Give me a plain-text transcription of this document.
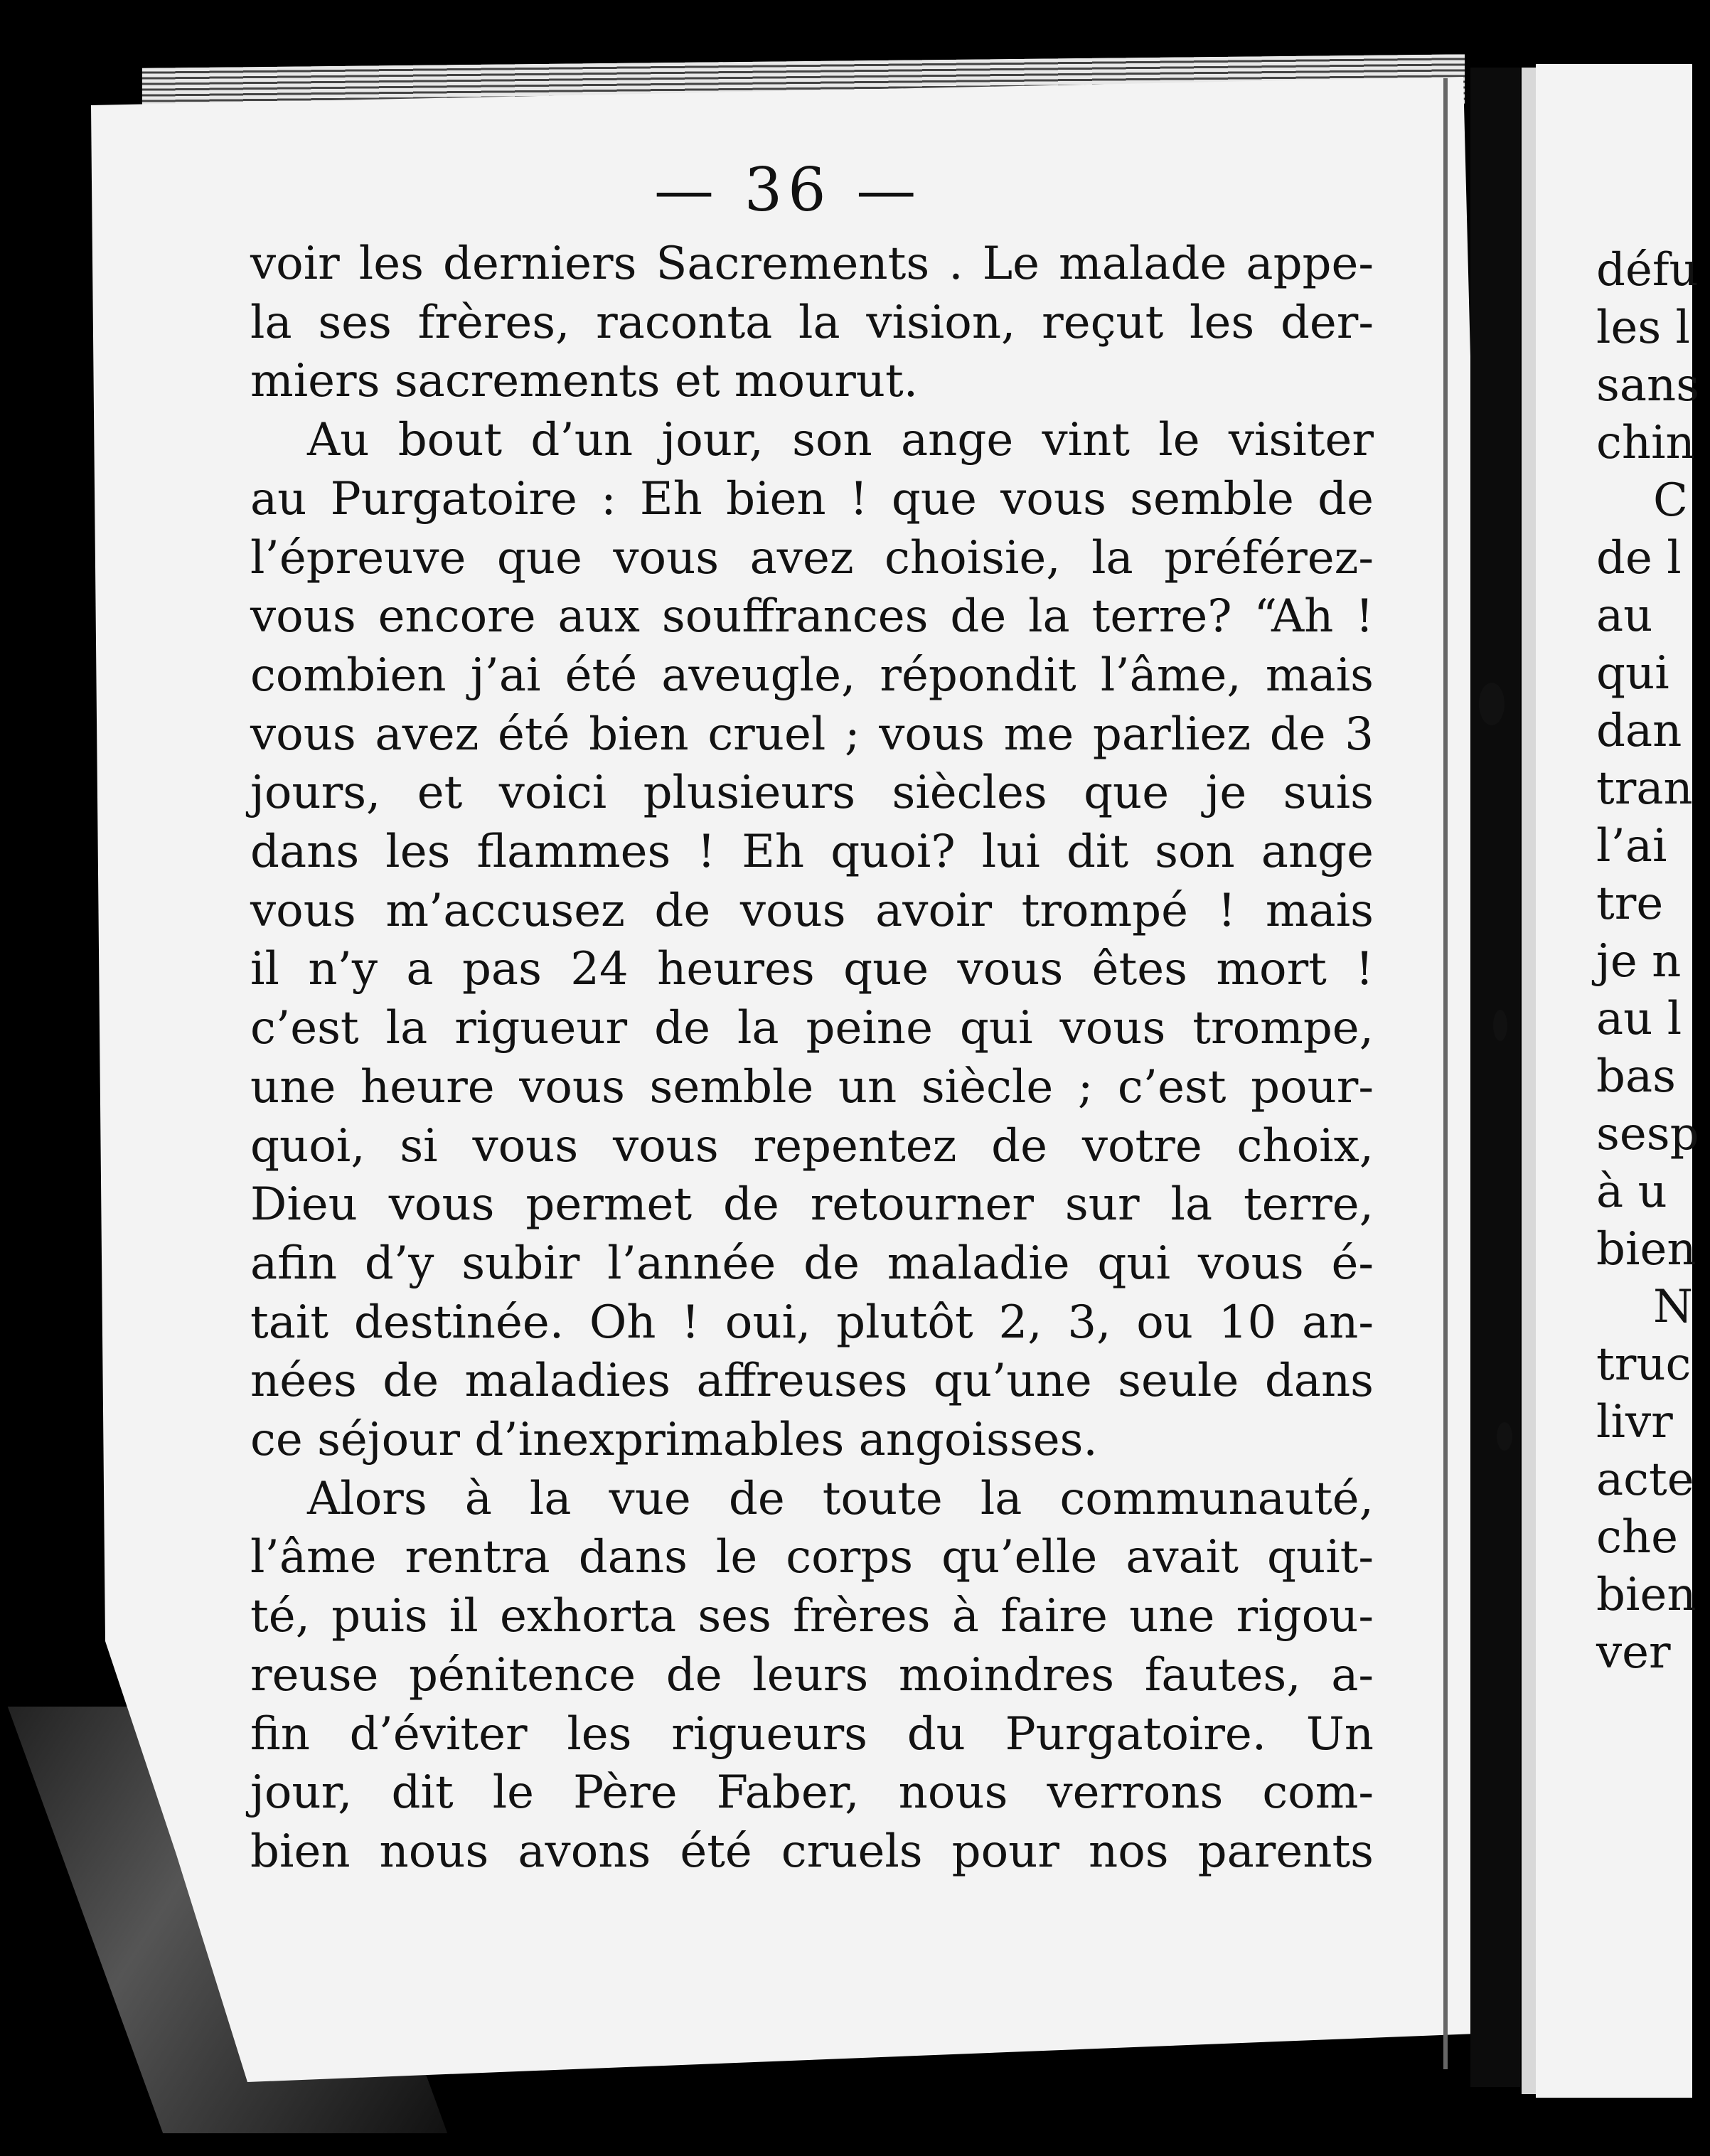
— 36 —
voir les derniers Sacrements . Le malade appe-
la ses frères, raconta la vision, reçut les der-
miers sacrements et mourut.
Au bout d’un jour, son ange vint le visiter
au Purgatoire : Eh bien ! que vous semble de
l’épreuve que vous avez choisie, la préférez-
vous encore aux souffrances de la terre? “Ah !
combien j’ai été aveugle, répondit l’âme, mais
vous avez été bien cruel ; vous me parliez de 3
jours, et voici plusieurs siècles que je suis
dans les flammes ! Eh quoi? lui dit son ange
vous m’accusez de vous avoir trompé ! mais
il n’y a pas 24 heures que vous êtes mort !
c’est la rigueur de la peine qui vous trompe,
une heure vous semble un siècle ; c’est pour-
quoi, si vous vous repentez de votre choix,
Dieu vous permet de retourner sur la terre,
afin d’y subir l’année de maladie qui vous é-
tait destinée. Oh ! oui, plutôt 2, 3, ou 10 an-
nées de maladies affreuses qu’une seule dans
ce séjour d’inexprimables angoisses.
Alors à la vue de toute la communauté,
l’âme rentra dans le corps qu’elle avait quit-
té, puis il exhorta ses frères à faire une rigou-
reuse pénitence de leurs moindres fautes, a-
fin d’éviter les rigueurs du Purgatoire. Un
jour, dit le Père Faber, nous verrons com-
bien nous avons été cruels pour nos parents
défu
les l
sans
chin
C
de l
au
qui
dan
tran
l’ai
tre
je n
au l
bas
sesp
à u
bien
N
truc
livr
acte
che
bien
ver
